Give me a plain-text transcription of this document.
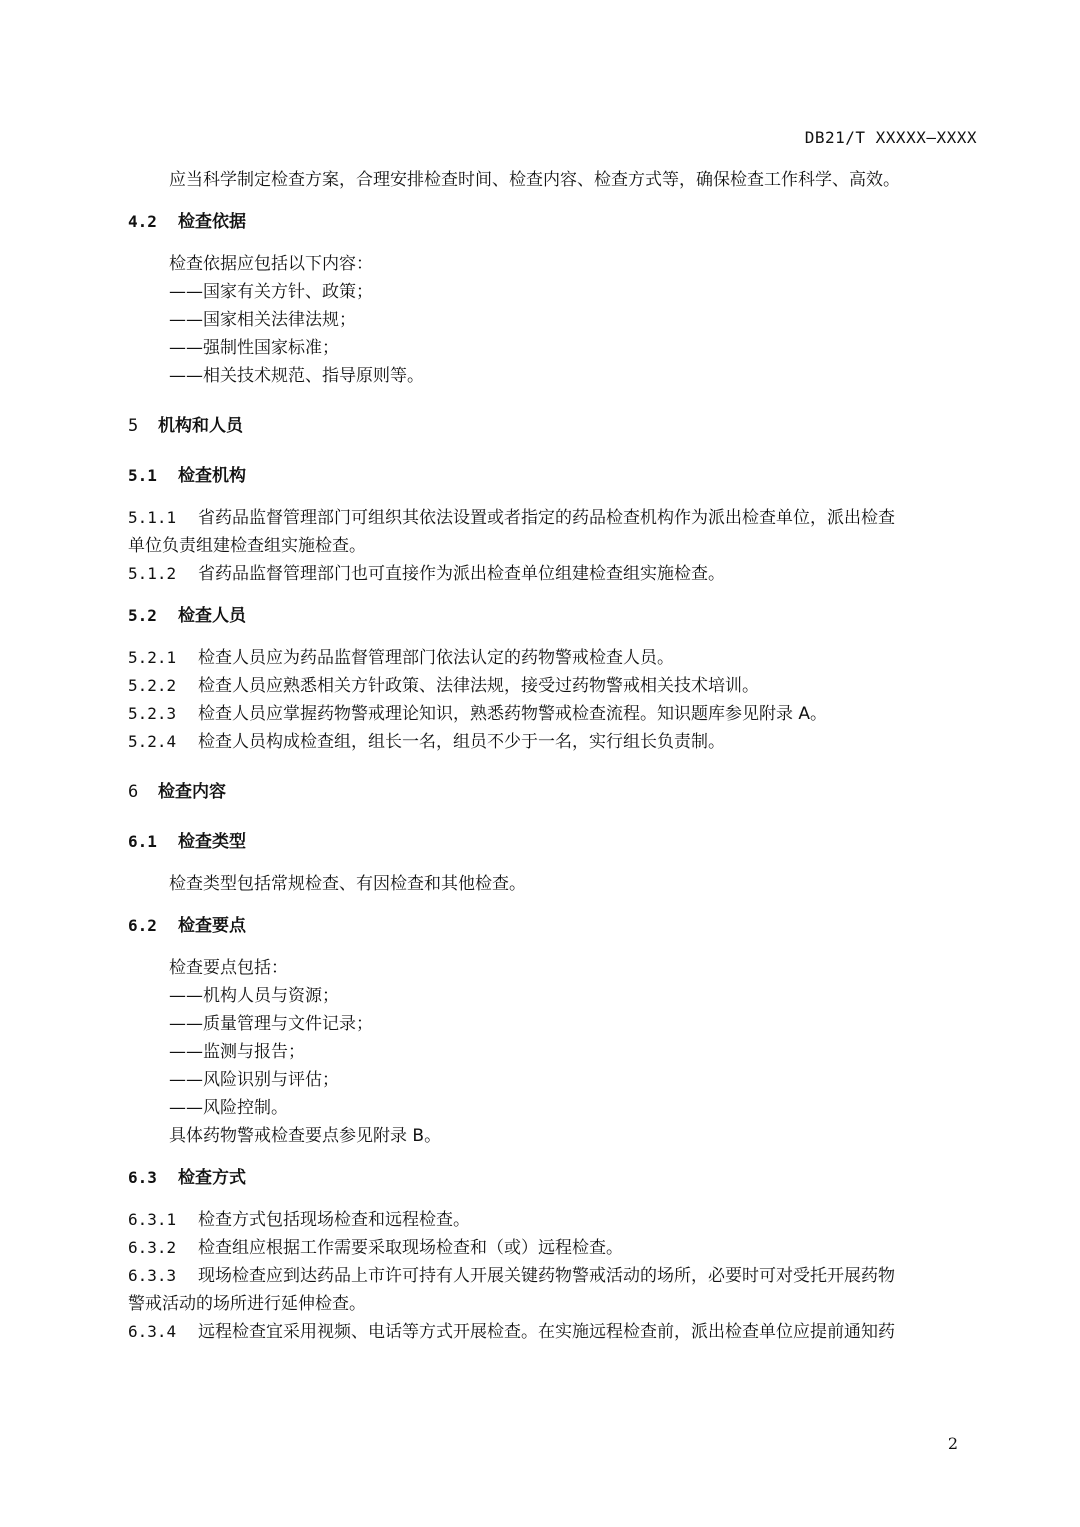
DB21/T XXXXX—XXXX

应当科学制定检查方案，合理安排检查时间、检查内容、检查方式等，确保检查工作科学、高效。

4.2 检查依据

检查依据应包括以下内容：

——国家有关方针、政策；

——国家相关法律法规；

——强制性国家标准；

——相关技术规范、指导原则等。

5 机构和人员
5.1 检查机构

5.1.1 省药品监督管理部门可组织其依法设置或者指定的药品检查机构作为派出检查单位，派出检查

单位负责组建检查组实施检查。

5.1.2 省药品监督管理部门也可直接作为派出检查单位组建检查组实施检查。

5.2 检查人员

5.2.1 检查人员应为药品监督管理部门依法认定的药物警戒检查人员。

5.2.2 检查人员应熟悉相关方针政策、法律法规，接受过药物警戒相关技术培训。

5.2.3 检查人员应掌握药物警戒理论知识，熟悉药物警戒检查流程。知识题库参见附录 A。

5.2.4 检查人员构成检查组，组长一名，组员不少于一名，实行组长负责制。

6 检查内容
6.1 检查类型

检查类型包括常规检查、有因检查和其他检查。

6.2 检查要点

检查要点包括：

——机构人员与资源；

——质量管理与文件记录；

——监测与报告；

——风险识别与评估；

——风险控制。

具体药物警戒检查要点参见附录 B。

6.3 检查方式

6.3.1 检查方式包括现场检查和远程检查。

6.3.2 检查组应根据工作需要采取现场检查和（或）远程检查。

6.3.3 现场检查应到达药品上市许可持有人开展关键药物警戒活动的场所，必要时可对受托开展药物

警戒活动的场所进行延伸检查。

6.3.4 远程检查宜采用视频、电话等方式开展检查。在实施远程检查前，派出检查单位应提前通知药

2
